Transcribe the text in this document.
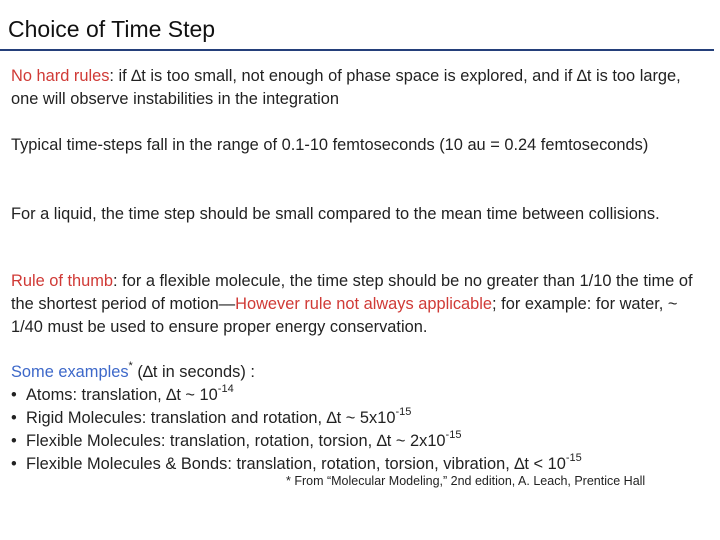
Choice of Time Step
No hard rules: if ∆t is too small, not enough of phase space is explored, and if ∆t is too large, one will observe instabilities in the integration
Typical time-steps fall in the range of 0.1-10 femtoseconds (10 au = 0.24 femtoseconds)
For a liquid, the time step should be small compared to the mean time between collisions.
Rule of thumb: for a flexible molecule, the time step should be no greater than 1/10 the time of the shortest period of motion—However rule not always applicable; for example: for water, ~ 1/40 must be used to ensure proper energy conservation.
Some examples* (∆t in seconds) :
• Atoms: translation, ∆t ~ $10^{-14}$
• Rigid Molecules: translation and rotation, ∆t ~ $5x10^{-15}$
• Flexible Molecules: translation, rotation, torsion, ∆t ~ $2x10^{-15}$
• Flexible Molecules & Bonds: translation, rotation, torsion, vibration, $\Delta t < 10^{-15}$
* From “Molecular Modeling,” 2nd edition, A. Leach, Prentice Hall
